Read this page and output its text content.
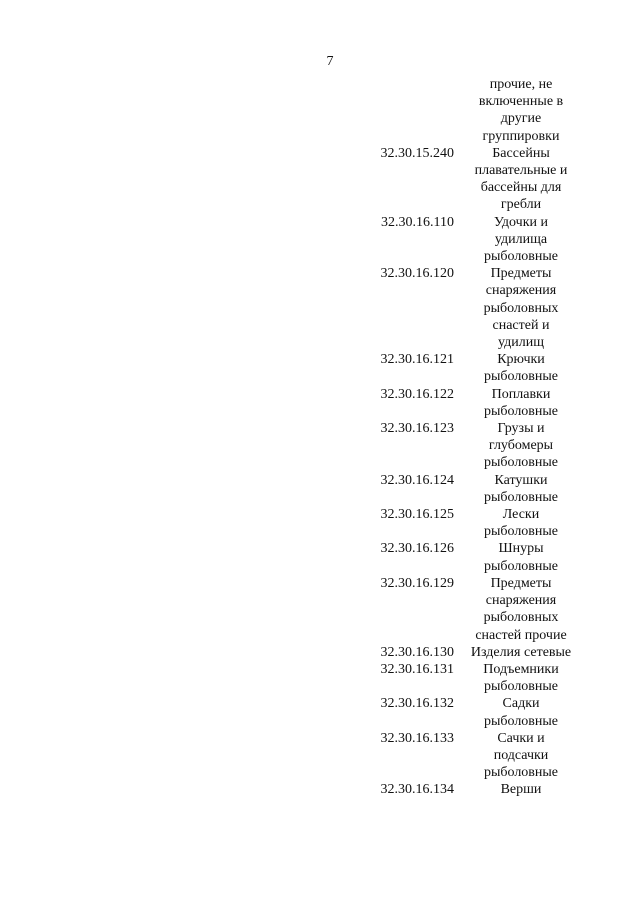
7
прочие, не
включенные в
другие
группировки
32.30.15.240	Бассейны
плавательные и
бассейны для
гребли
32.30.16.110	Удочки и
удилища
рыболовные
32.30.16.120	Предметы
снаряжения
рыболовных
снастей и
удилищ
32.30.16.121	Крючки
рыболовные
32.30.16.122	Поплавки
рыболовные
32.30.16.123	Грузы и
глубомеры
рыболовные
32.30.16.124	Катушки
рыболовные
32.30.16.125	Лески
рыболовные
32.30.16.126	Шнуры
рыболовные
32.30.16.129	Предметы
снаряжения
рыболовных
снастей прочие
32.30.16.130	Изделия сетевые
32.30.16.131	Подъемники
рыболовные
32.30.16.132	Садки
рыболовные
32.30.16.133	Сачки и
подсачки
рыболовные
32.30.16.134	Верши
